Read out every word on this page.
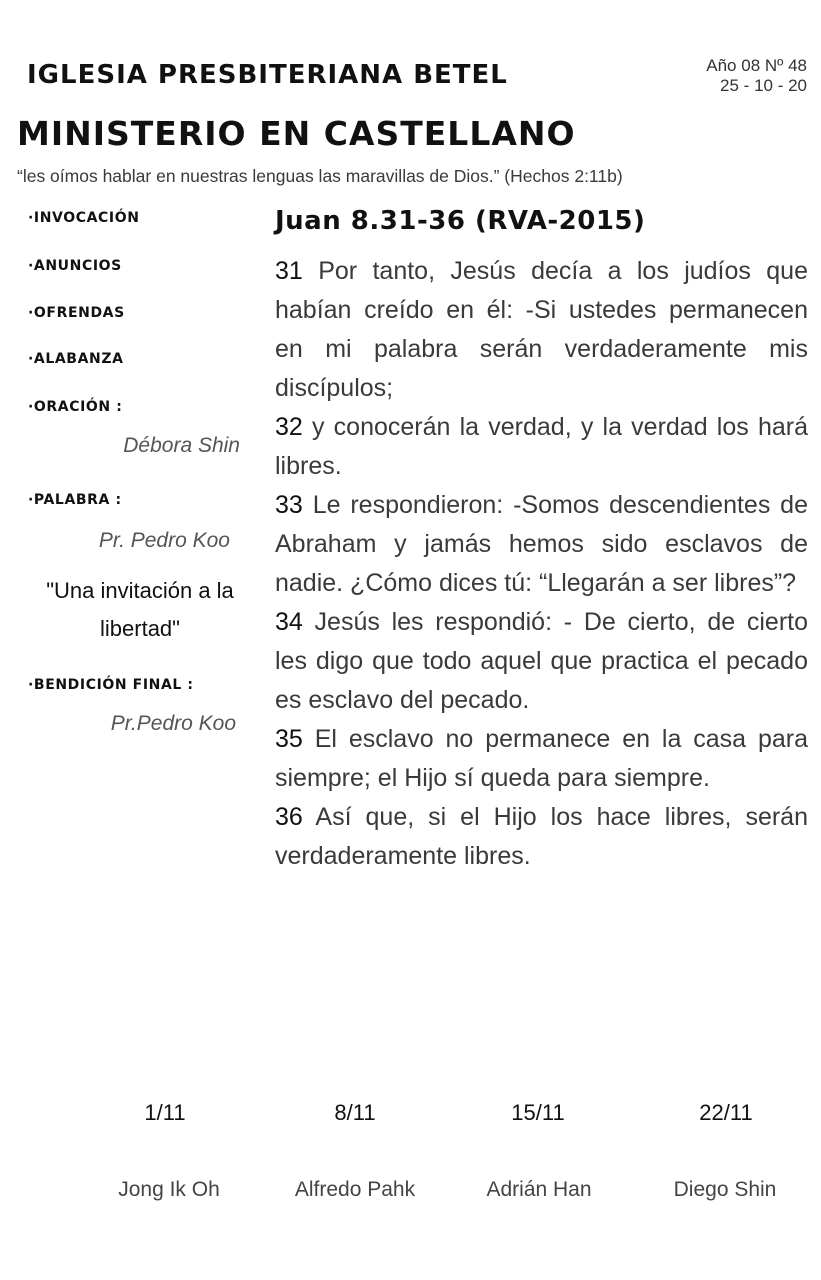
IGLESIA PRESBITERIANA BETEL	Año 08 Nº 48
25 - 10 - 20
MINISTERIO EN CASTELLANO
“les oímos hablar en nuestras lenguas las maravillas de Dios.” (Hechos 2:11b)
·INVOCACIÓN
·ANUNCIOS
·OFRENDAS
·ALABANZA
·ORACIÓN :
Débora Shin
·PALABRA :
Pr. Pedro Koo
"Una invitación a la
libertad"
·BENDICIÓN FINAL :
Pr.Pedro Koo
Juan 8.31-36 (RVA-2015)
31 Por tanto, Jesús decía a los judíos que habían creído en él: -Si ustedes permanecen en mi palabra serán verdaderamente mis discípulos;
32 y conocerán la verdad, y la verdad los hará libres.
33 Le respondieron: -Somos descendientes de Abraham y jamás hemos sido esclavos de nadie. ¿Cómo dices tú: “Llegarán a ser libres”?
34 Jesús les respondió: - De cierto, de cierto les digo que todo aquel que practica el pecado es esclavo del pecado.
35 El esclavo no permanece en la casa para siempre; el Hijo sí queda para siempre.
36 Así que, si el Hijo los hace libres, serán verdaderamente libres.
1/11	8/11	15/11	22/11
Jong Ik Oh	Alfredo Pahk	Adrián Han	Diego Shin
